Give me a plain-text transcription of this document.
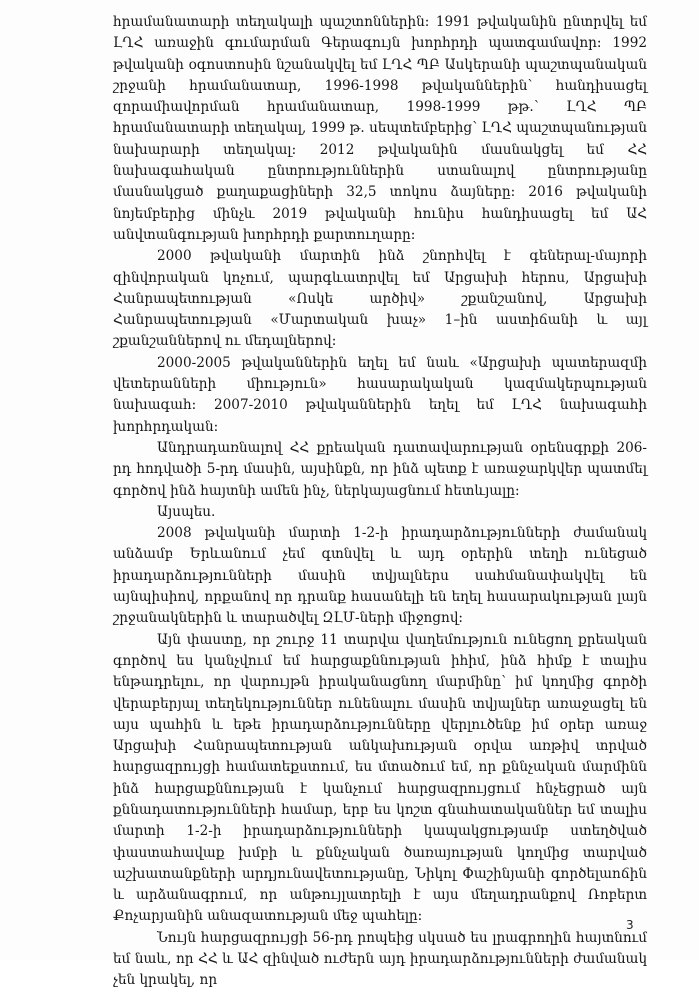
հրամանատարի տեղակալի պաշտոններին: 1991 թվականին ընտրվել եմ ԼՂՀ առաջին գումարման Գերագույն խորհրդի պատգամավոր: 1992 թվականի օգոստոսին նշանակվել եմ ԼՂՀ ՊԲ Ասկերանի պաշտպանական շրջանի հրամանատար, 1996-1998 թվականներին՝ հանդիսացել զորամիավորման հրամանատար, 1998-1999 թթ.՝ ԼՂՀ ՊԲ հրամանատարի տեղակալ, 1999 թ. սեպտեմբերից՝ ԼՂՀ պաշտպանության նախարարի տեղակալ: 2012 թվականին մասնակցել եմ ՀՀ նախագահական ընտրություններին ստանալով ընտրությանը մասնակցած քաղաքացիների 32,5 տոկոս ձայները: 2016 թվականի նոյեմբերից մինչև 2019 թվականի հունիս հանդիսացել եմ ԱՀ անվտանգության խորհրդի քարտուղարը:

2000 թվականի մարտին ինձ շնորհվել է գեներալ-մայորի զինվորական կոչում, պարգևատրվել եմ Արցախի հերոս, Արցախի Հանրապետության «Ոսկե արծիվ» շքանշանով, Արցախի Հանրապետության «Մարտական խաչ» 1–ին աստիճանի և այլ շքանշաններով ու մեդալներով:

2000-2005 թվականներին եղել եմ նաև «Արցախի պատերազմի վետերանների միություն» հասարակական կազմակերպության նախագահ: 2007-2010 թվականներին եղել եմ ԼՂՀ նախագահի խորհրդական:

Անդրադառնալով ՀՀ քրեական դատավարության օրենսգրքի 206-րդ հոդվածի 5-րդ մասին, այսինքն, որ ինձ պետք է առաջարկվեր պատմել գործով ինձ հայտնի ամեն ինչ, ներկայացնում հետևյալը:

Այսպես.

2008 թվականի մարտի 1-2-ի իրադարձությունների ժամանակ անձամբ Երևանում չեմ գտնվել և այդ օրերին տեղի ունեցած իրադարձությունների մասին տվյալներս սահմանափակվել են այնպիսիով, որքանով որ դրանք հասանելի են եղել հասարակության լայն շրջանակներին և տարածվել ԶԼՄ-ների միջոցով:

Այն փաստը, որ շուրջ 11 տարվա վաղեմություն ունեցող քրեական գործով ես կանչվում եմ հարցաքննության իհիմ, ինձ հիմք է տալիս ենթադրելու, որ վարույթն իրականացնող մարմինը՝ իմ կողմից գործի վերաբերյալ տեղեկություններ ունենալու մասին տվյալներ առաջացել են այս պահին և եթե իրադարձությունները վերլուծենք իմ օրեր առաջ Արցախի Հանրապետության անկախության օրվա առթիվ տրված հարցազրույցի համատեքստում, ես մտածում եմ, որ քննչական մարմինն ինձ հարցաքննության է կանչում հարցազրույցում հնչեցրած այն քննադատությունների համար, երբ ես կոշտ գնահատականներ եմ տալիս մարտի 1-2-ի իրադարձությունների կապակցությամբ ստեղծված փաստահավաք խմբի և քննչական ծառայության կողմից տարված աշխատանքների արդյունավետությանը, Նիկոլ Փաշինյանի գործելաոճին և արձանագրում, որ անթույլատրելի է այս մեղադրանքով Ռոբերտ Քոչարյանին անազատության մեջ պահելը:

Նույն հարցազրույցի 56-րդ րոպեից սկսած ես լրագրողին հայտնում եմ նաև, որ ՀՀ և ԱՀ զինված ուժերն այդ իրադարձությունների ժամանակ չեն կրակել, որ

3
